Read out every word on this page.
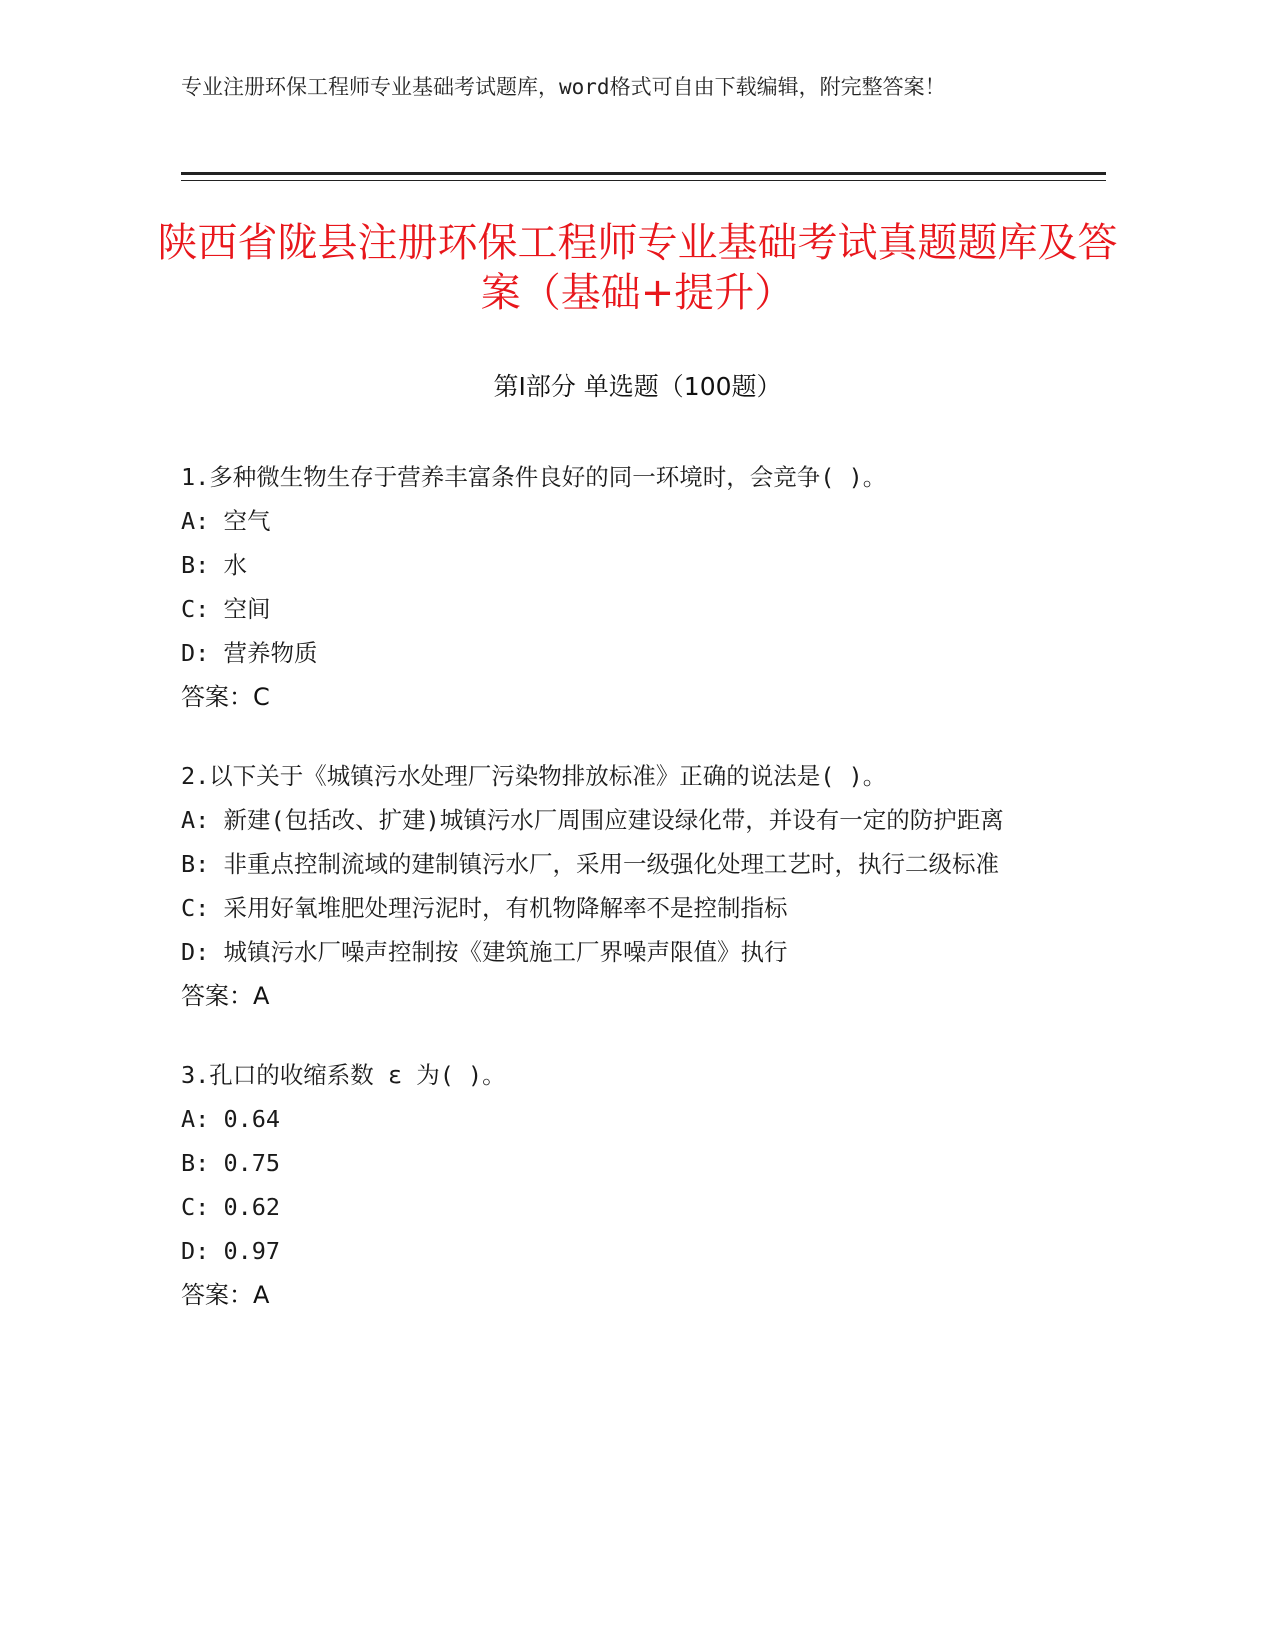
专业注册环保工程师专业基础考试题库，word格式可自由下载编辑，附完整答案！
陕西省陇县注册环保工程师专业基础考试真题题库及答案（基础+提升）
第I部分 单选题（100题）
1.多种微生物生存于营养丰富条件良好的同一环境时，会竞争( )。
A: 空气
B: 水
C: 空间
D: 营养物质
答案：C
2.以下关于《城镇污水处理厂污染物排放标准》正确的说法是( )。
A: 新建(包括改、扩建)城镇污水厂周围应建设绿化带，并设有一定的防护距离
B: 非重点控制流域的建制镇污水厂，采用一级强化处理工艺时，执行二级标准
C: 采用好氧堆肥处理污泥时，有机物降解率不是控制指标
D: 城镇污水厂噪声控制按《建筑施工厂界噪声限值》执行
答案：A
3.孔口的收缩系数 ε 为( )。
A: 0.64
B: 0.75
C: 0.62
D: 0.97
答案：A
